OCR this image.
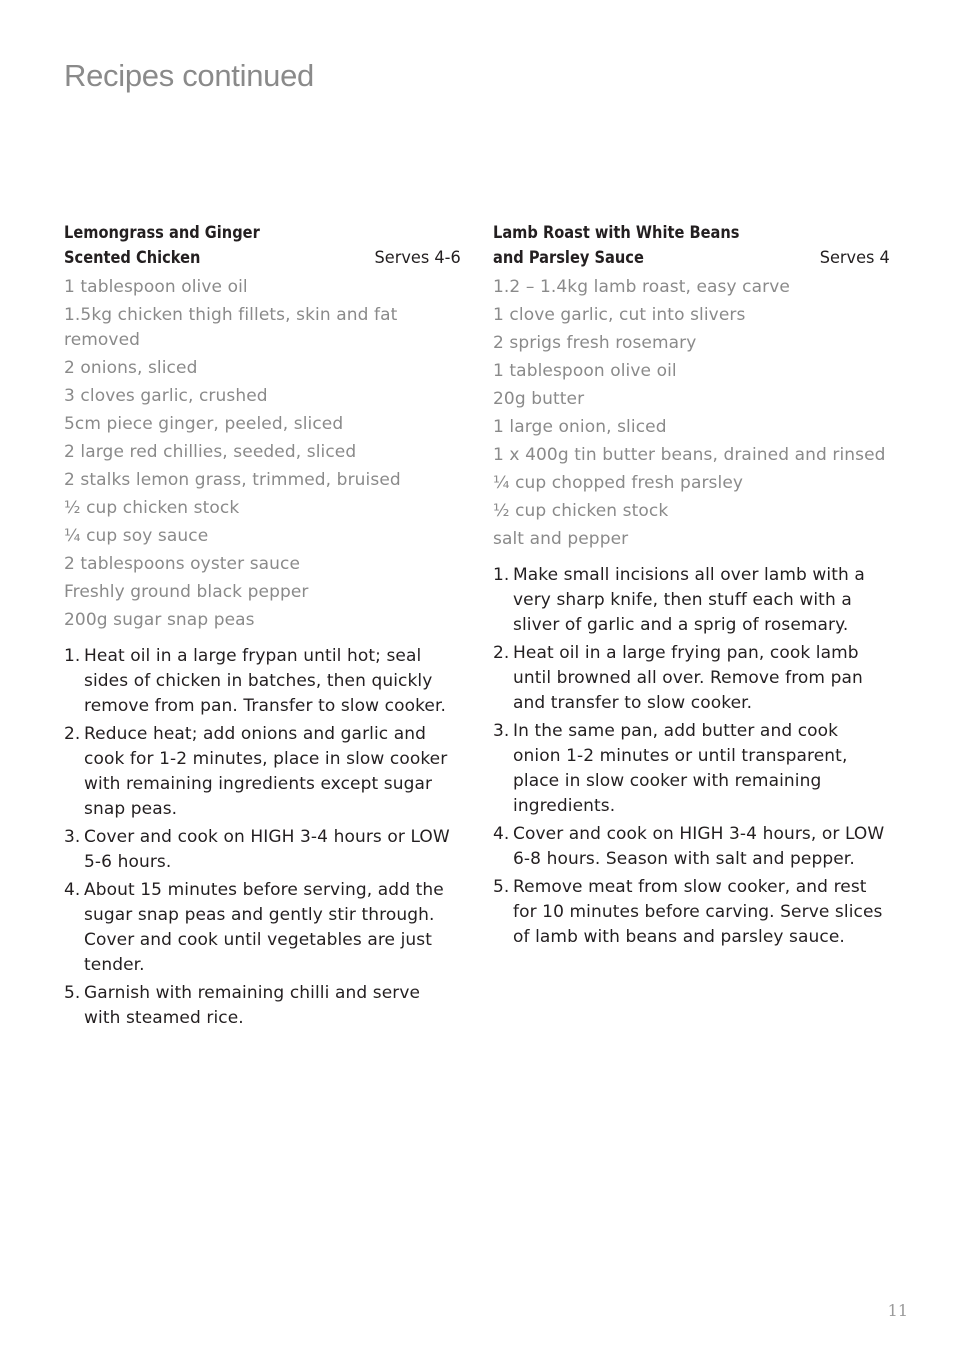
Recipes continued
Lemongrass and Ginger
Scented Chicken	Serves 4-6
1 tablespoon olive oil
1.5kg chicken thigh fillets, skin and fat removed
2 onions, sliced
3 cloves garlic, crushed
5cm piece ginger, peeled, sliced
2 large red chillies, seeded, sliced
2 stalks lemon grass, trimmed, bruised
½ cup chicken stock
¼ cup soy sauce
2 tablespoons oyster sauce
Freshly ground black pepper
200g sugar snap peas
1. Heat oil in a large frypan until hot; seal sides of chicken in batches, then quickly remove from pan. Transfer to slow cooker.
2. Reduce heat; add onions and garlic and cook for 1-2 minutes, place in slow cooker with remaining ingredients except sugar snap peas.
3. Cover and cook on HIGH 3-4 hours or LOW 5-6 hours.
4. About 15 minutes before serving, add the sugar snap peas and gently stir through. Cover and cook until vegetables are just tender.
5. Garnish with remaining chilli and serve with steamed rice.
Lamb Roast with White Beans
and Parsley Sauce	Serves 4
1.2 – 1.4kg lamb roast, easy carve
1 clove garlic, cut into slivers
2 sprigs fresh rosemary
1 tablespoon olive oil
20g butter
1 large onion, sliced
1 x 400g tin butter beans, drained and rinsed
¼ cup chopped fresh parsley
½ cup chicken stock
salt and pepper
1. Make small incisions all over lamb with a very sharp knife, then stuff each with a sliver of garlic and a sprig of rosemary.
2. Heat oil in a large frying pan, cook lamb until browned all over. Remove from pan and transfer to slow cooker.
3. In the same pan, add butter and cook onion 1-2 minutes or until transparent, place in slow cooker with remaining ingredients.
4. Cover and cook on HIGH 3-4 hours, or LOW 6-8 hours. Season with salt and pepper.
5. Remove meat from slow cooker, and rest for 10 minutes before carving. Serve slices of lamb with beans and parsley sauce.
11
